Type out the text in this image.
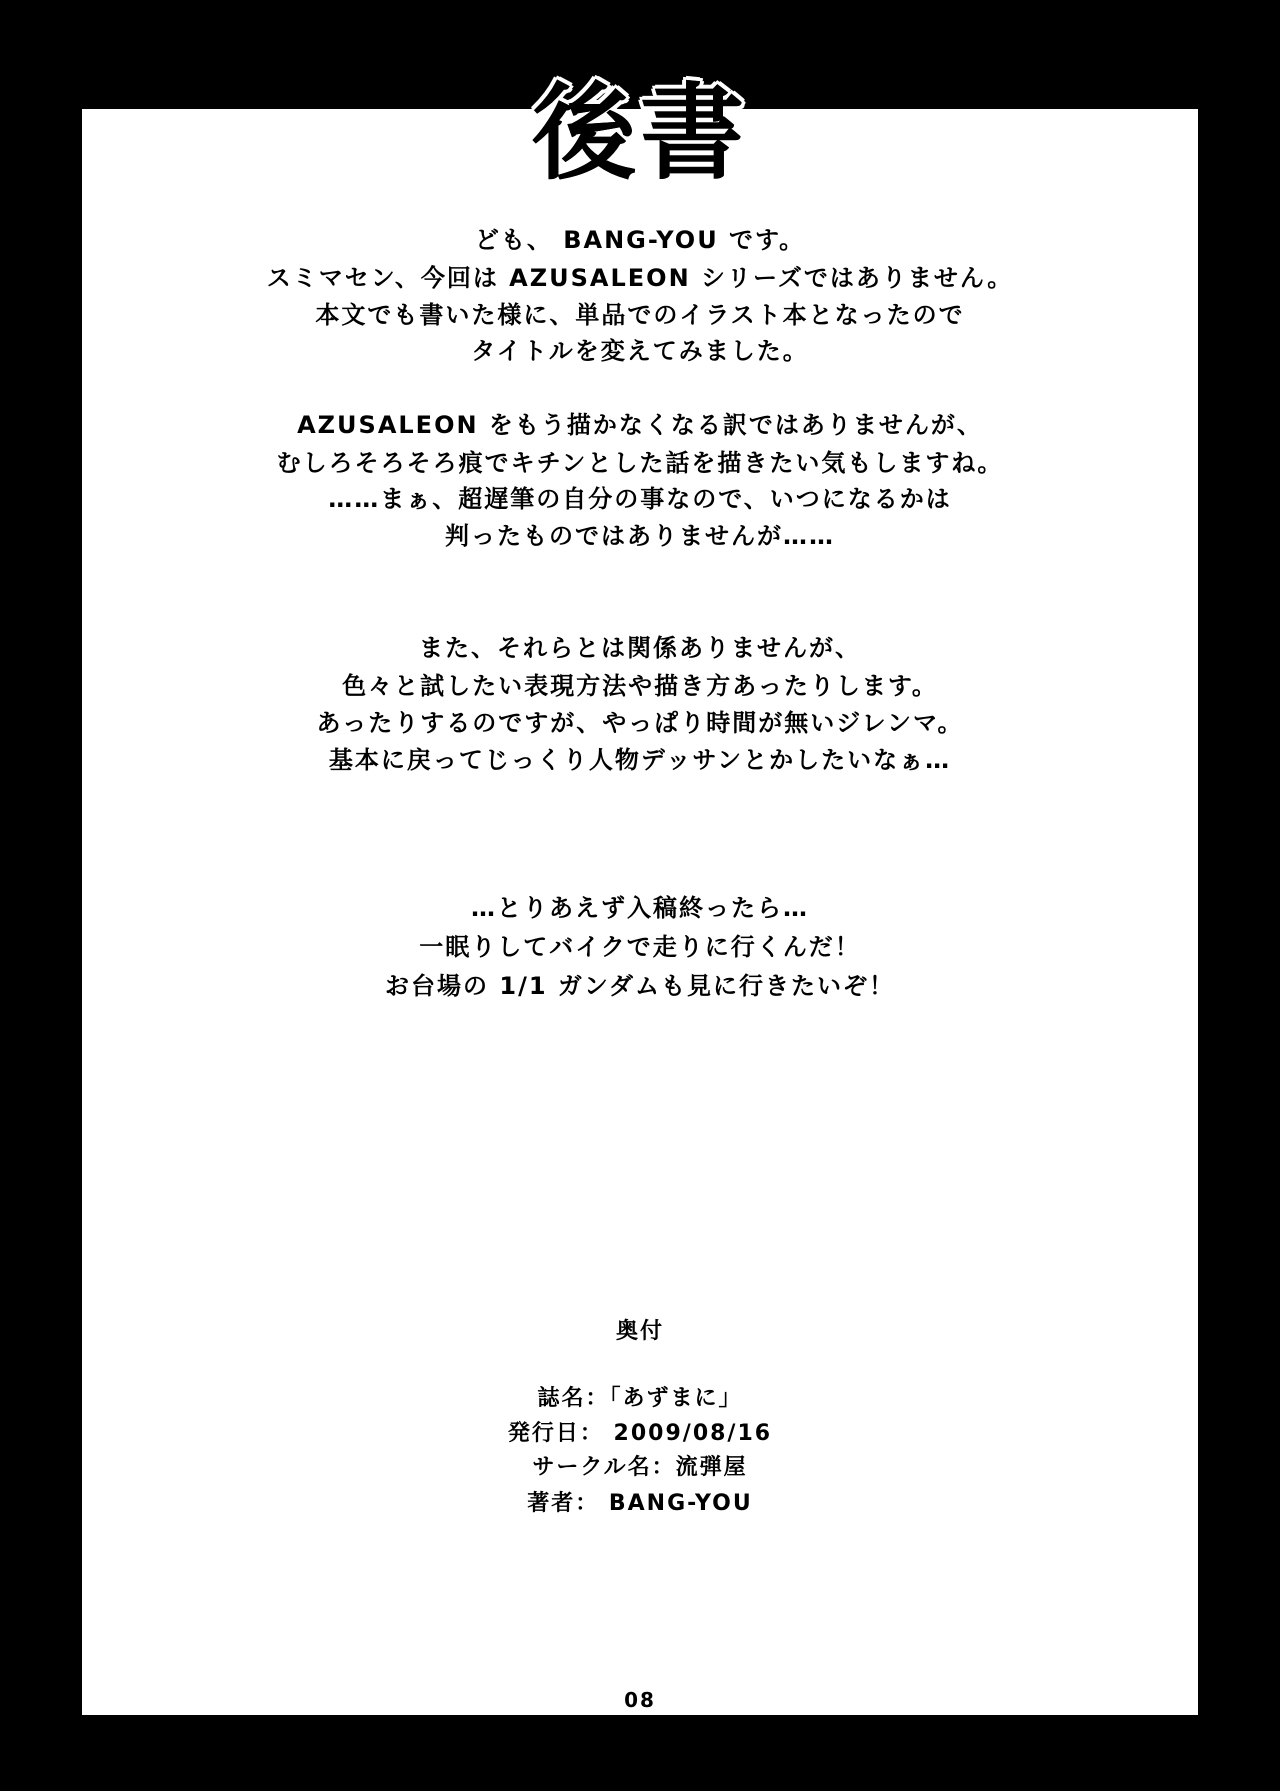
後書
ども、 BANG-YOU です。
スミマセン、今回は AZUSALEON シリーズではありません。
本文でも書いた様に、単品でのイラスト本となったので
タイトルを変えてみました。
AZUSALEON をもう描かなくなる訳ではありませんが、
むしろそろそろ痕でキチンとした話を描きたい気もしますね。
……まぁ、超遅筆の自分の事なので、いつになるかは
判ったものではありませんが……
また、それらとは関係ありませんが、
色々と試したい表現方法や描き方あったりします。
あったりするのですが、やっぱり時間が無いジレンマ。
基本に戻ってじっくり人物デッサンとかしたいなぁ…
…とりあえず入稿終ったら…
一眠りしてバイクで走りに行くんだ！
お台場の 1/1 ガンダムも見に行きたいぞ！
奥付
誌名：「あずまに」
発行日： 2009/08/16
サークル名：流弾屋
著者： BANG-YOU
08
